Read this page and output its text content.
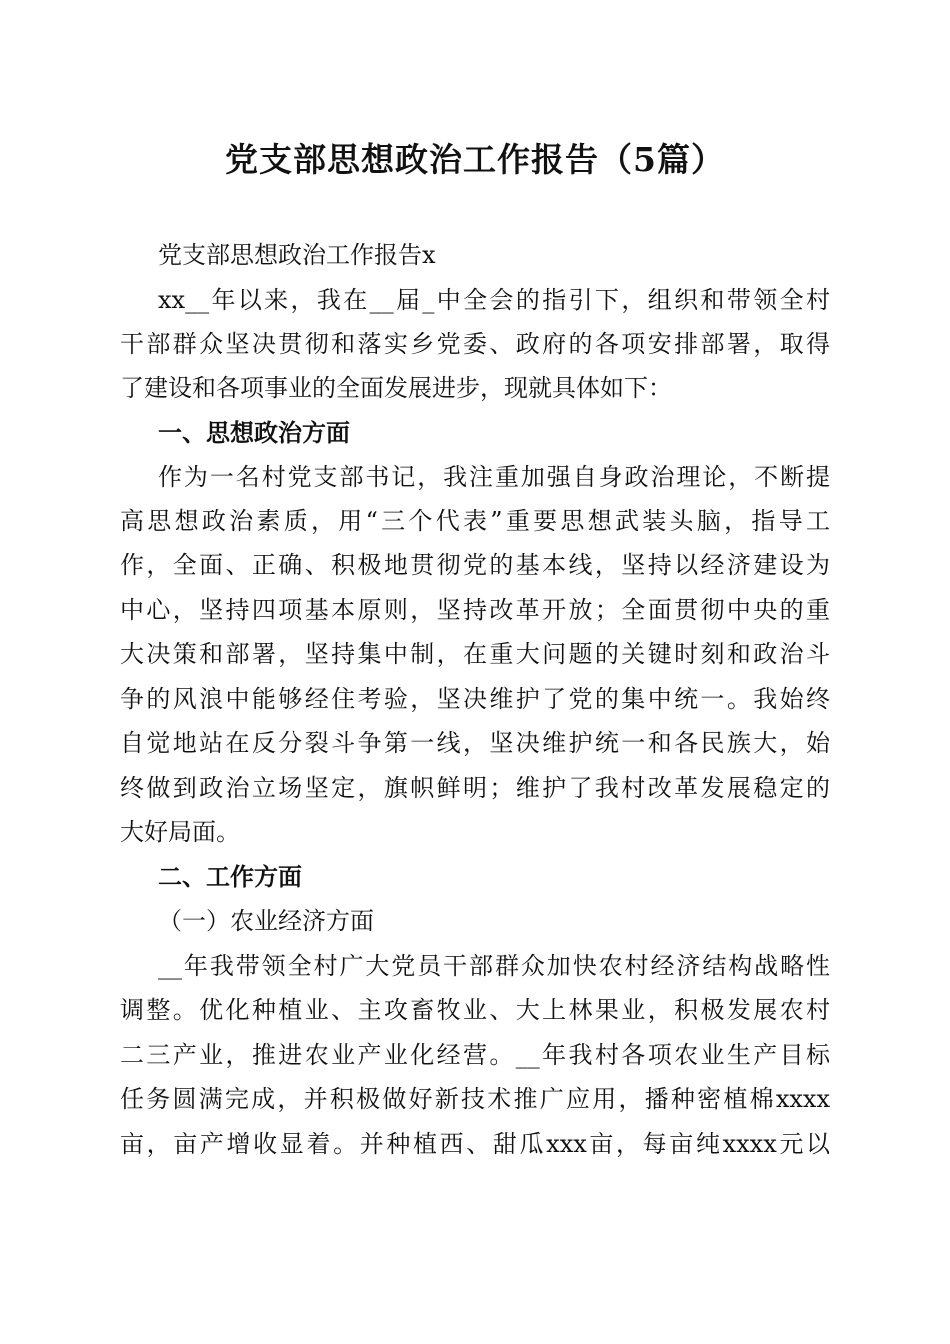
党支部思想政治工作报告（5篇）

党支部思想政治工作报告x

xx__年以来，我在__届_中全会的指引下，组织和带领全村

干部群众坚决贯彻和落实乡党委、政府的各项安排部署，取得

了建设和各项事业的全面发展进步，现就具体如下：

一、思想政治方面

作为一名村党支部书记，我注重加强自身政治理论，不断提

高思想政治素质，用“三个代表”重要思想武装头脑，指导工

作，全面、正确、积极地贯彻党的基本线，坚持以经济建设为

中心，坚持四项基本原则，坚持改革开放；全面贯彻中央的重

大决策和部署，坚持集中制，在重大问题的关键时刻和政治斗

争的风浪中能够经住考验，坚决维护了党的集中统一。我始终

自觉地站在反分裂斗争第一线，坚决维护统一和各民族大，始

终做到政治立场坚定，旗帜鲜明；维护了我村改革发展稳定的

大好局面。

二、工作方面

（一）农业经济方面

__年我带领全村广大党员干部群众加快农村经济结构战略性

调整。优化种植业、主攻畜牧业、大上林果业，积极发展农村

二三产业，推进农业产业化经营。__年我村各项农业生产目标

任务圆满完成，并积极做好新技术推广应用，播种密植棉xxxx

亩，亩产增收显着。并种植西、甜瓜xxx亩，每亩纯xxxx元以
